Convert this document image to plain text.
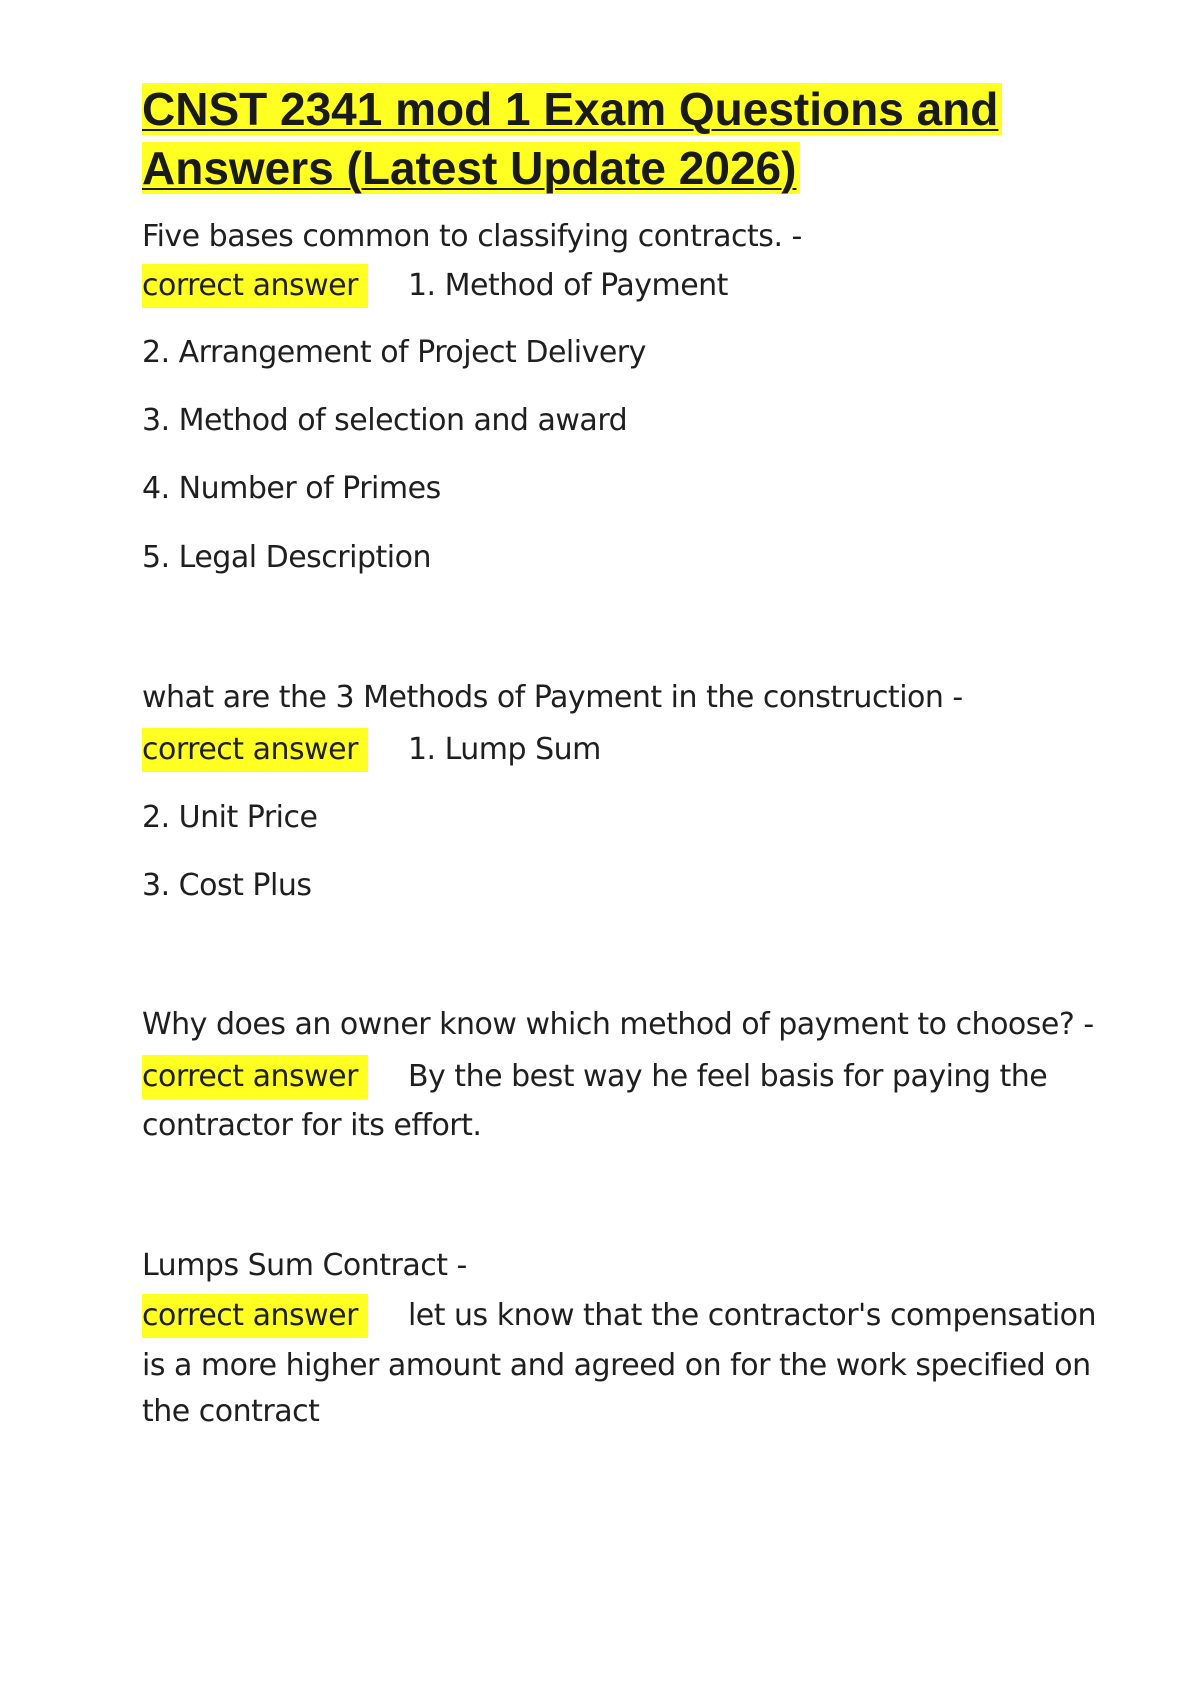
CNST 2341 mod 1 Exam Questions and Answers (Latest Update 2026)

Five bases common to classifying contracts. -

correct answer	1. Method of Payment

2. Arrangement of Project Delivery

3. Method of selection and award

4. Number of Primes

5. Legal Description

what are the 3 Methods of Payment in the construction -

correct answer	1. Lump Sum

2. Unit Price

3. Cost Plus

Why does an owner know which method of payment to choose? -

correct answer	By the best way he feel basis for paying the

contractor for its effort.

Lumps Sum Contract -

correct answer	let us know that the contractor's compensation

is a more higher amount and agreed on for the work specified on

the contract
